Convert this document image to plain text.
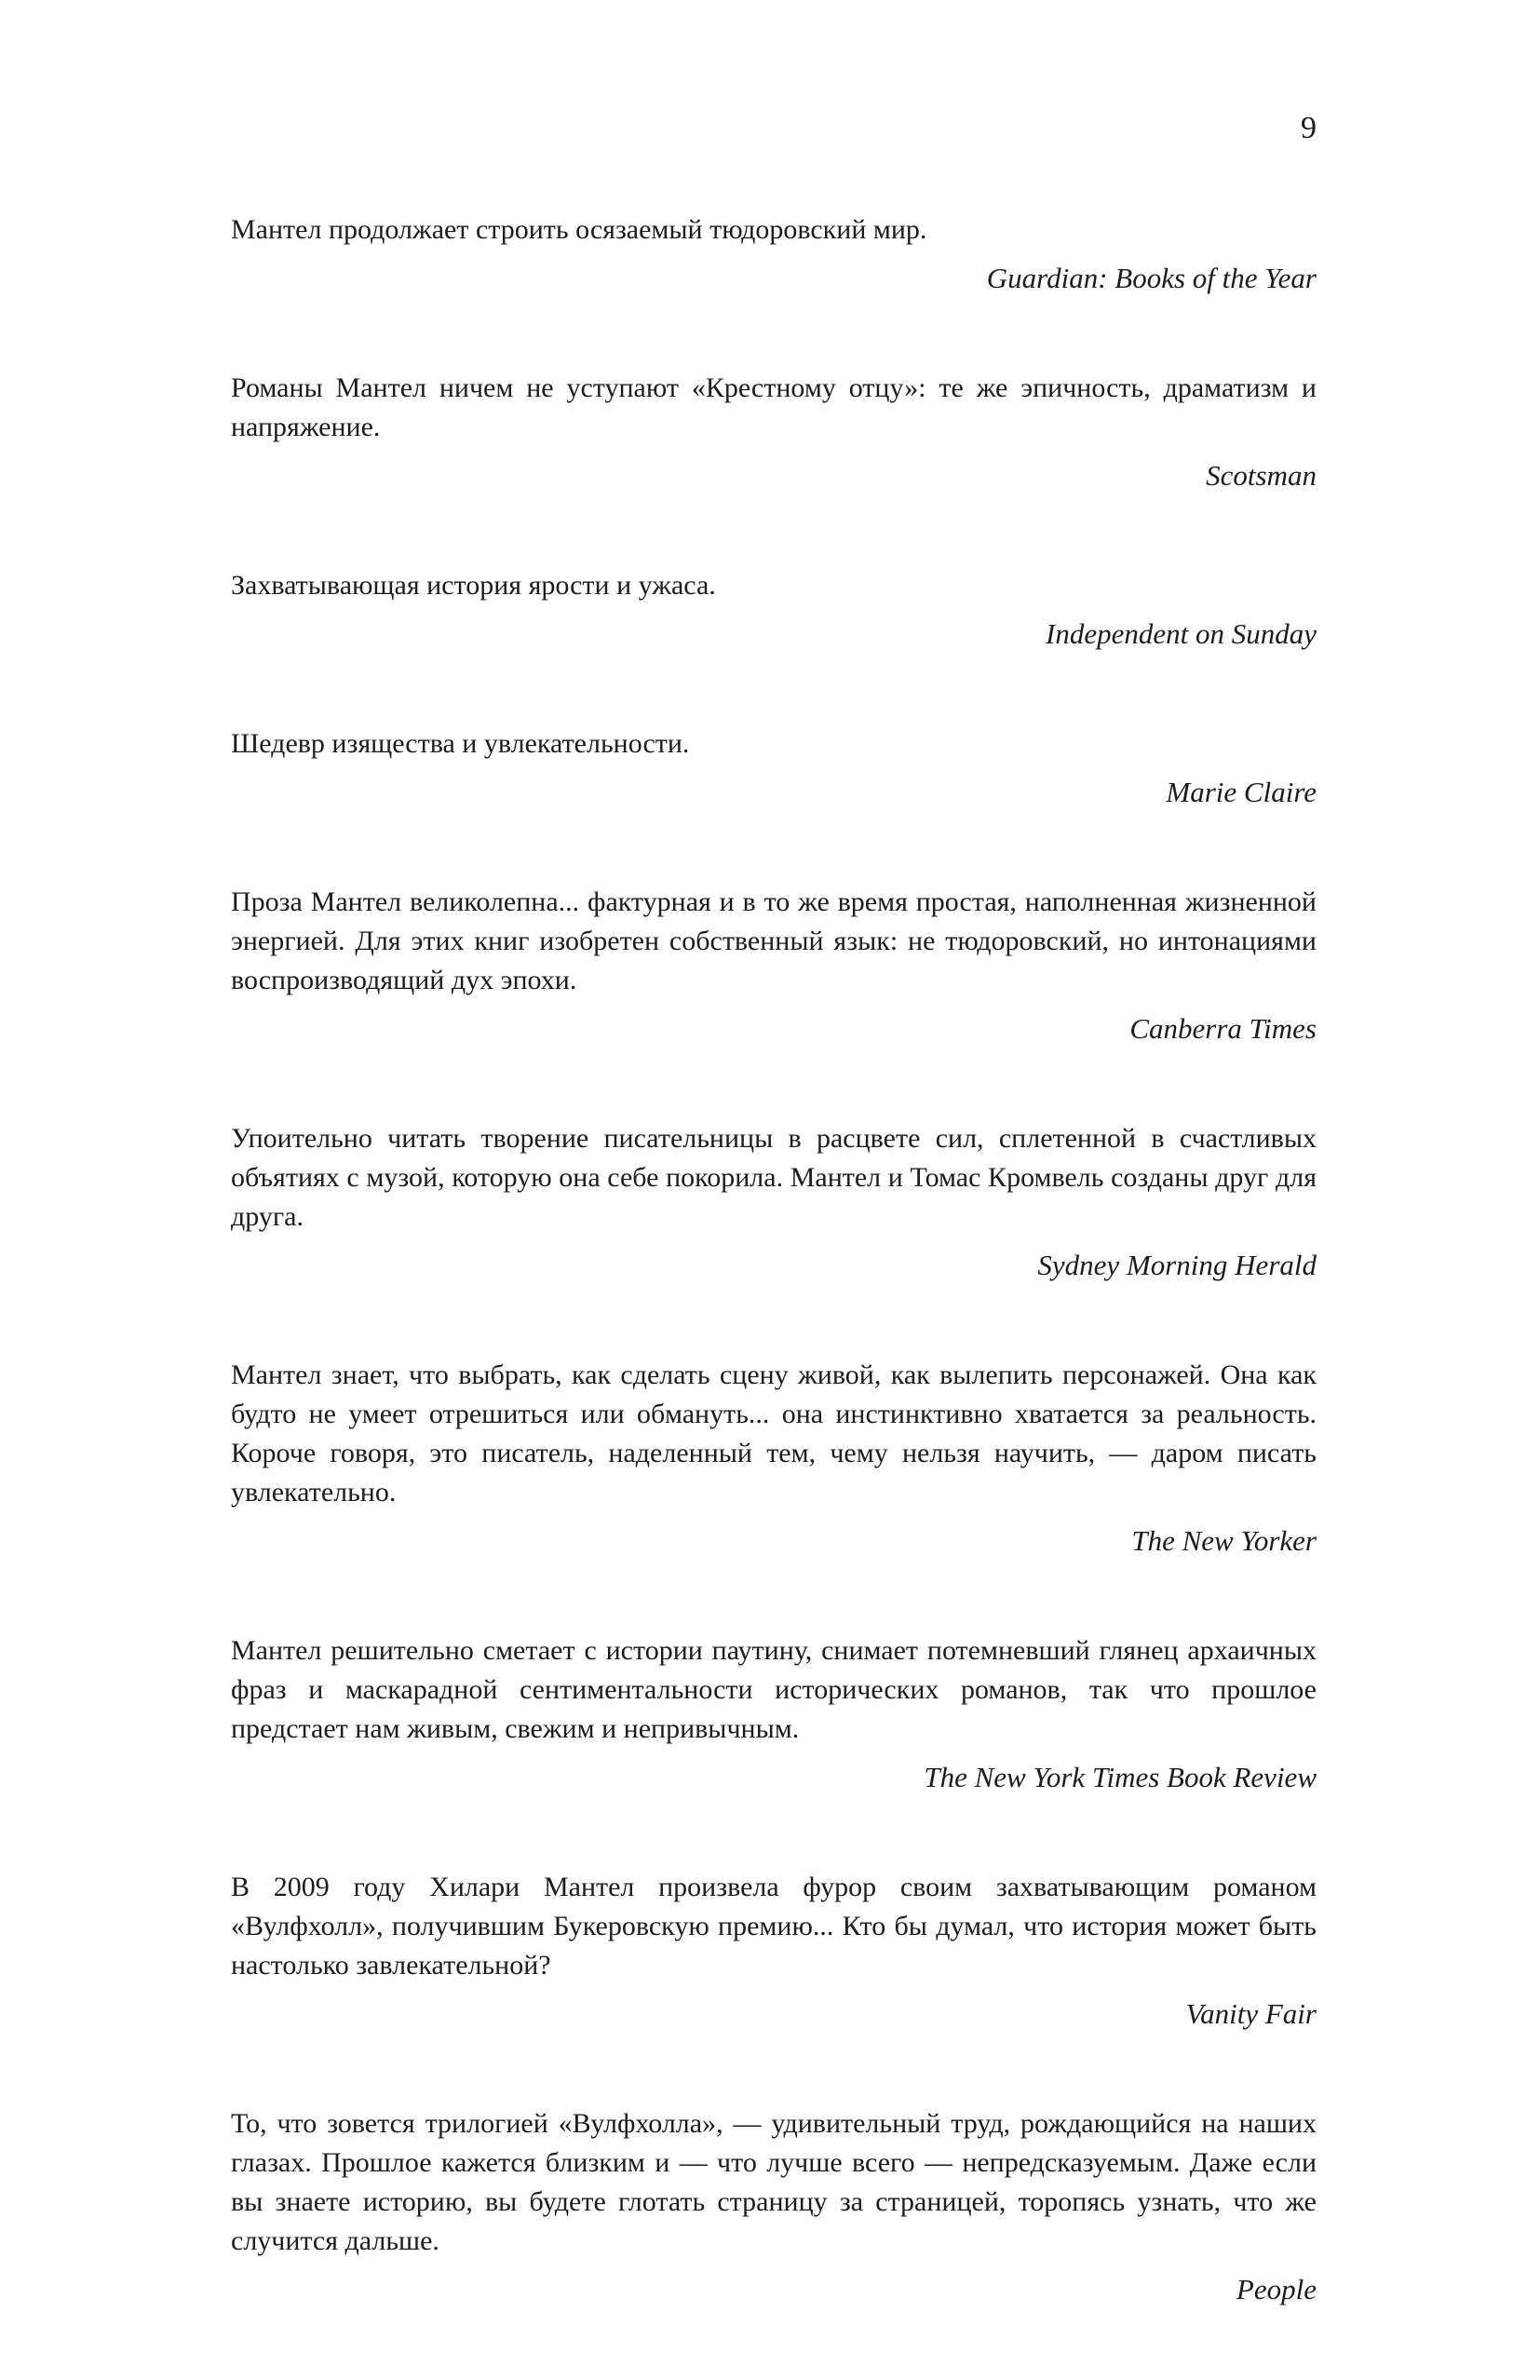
9

Мантел продолжает строить осязаемый тюдоровский мир.

Guardian: Books of the Year

Романы Мантел ничем не уступают «Крестному отцу»: те же эпичность, драматизм и напряжение.

Scotsman

Захватывающая история ярости и ужаса.

Independent on Sunday

Шедевр изящества и увлекательности.

Marie Claire

Проза Мантел великолепна... фактурная и в то же время простая, наполненная жизненной энергией. Для этих книг изобретен собственный язык: не тюдоровский, но интонациями воспроизводящий дух эпохи.

Canberra Times

Упоительно читать творение писательницы в расцвете сил, сплетенной в счастливых объятиях с музой, которую она себе покорила. Мантел и Томас Кромвель созданы друг для друга.

Sydney Morning Herald

Мантел знает, что выбрать, как сделать сцену живой, как вылепить персонажей. Она как будто не умеет отрешиться или обмануть... она инстинктивно хватается за реальность. Короче говоря, это писатель, наделенный тем, чему нельзя научить, — даром писать увлекательно.

The New Yorker

Мантел решительно сметает с истории паутину, снимает потемневший глянец архаичных фраз и маскарадной сентиментальности исторических романов, так что прошлое предстает нам живым, свежим и непривычным.

The New York Times Book Review

В 2009 году Хилари Мантел произвела фурор своим захватывающим романом «Вулфхолл», получившим Букеровскую премию... Кто бы думал, что история может быть настолько завлекательной?

Vanity Fair

То, что зовется трилогией «Вулфхолла», — удивительный труд, рождающийся на наших глазах. Прошлое кажется близким и — что лучше всего — непредсказуемым. Даже если вы знаете историю, вы будете глотать страницу за страницей, торопясь узнать, что же случится дальше.

People
